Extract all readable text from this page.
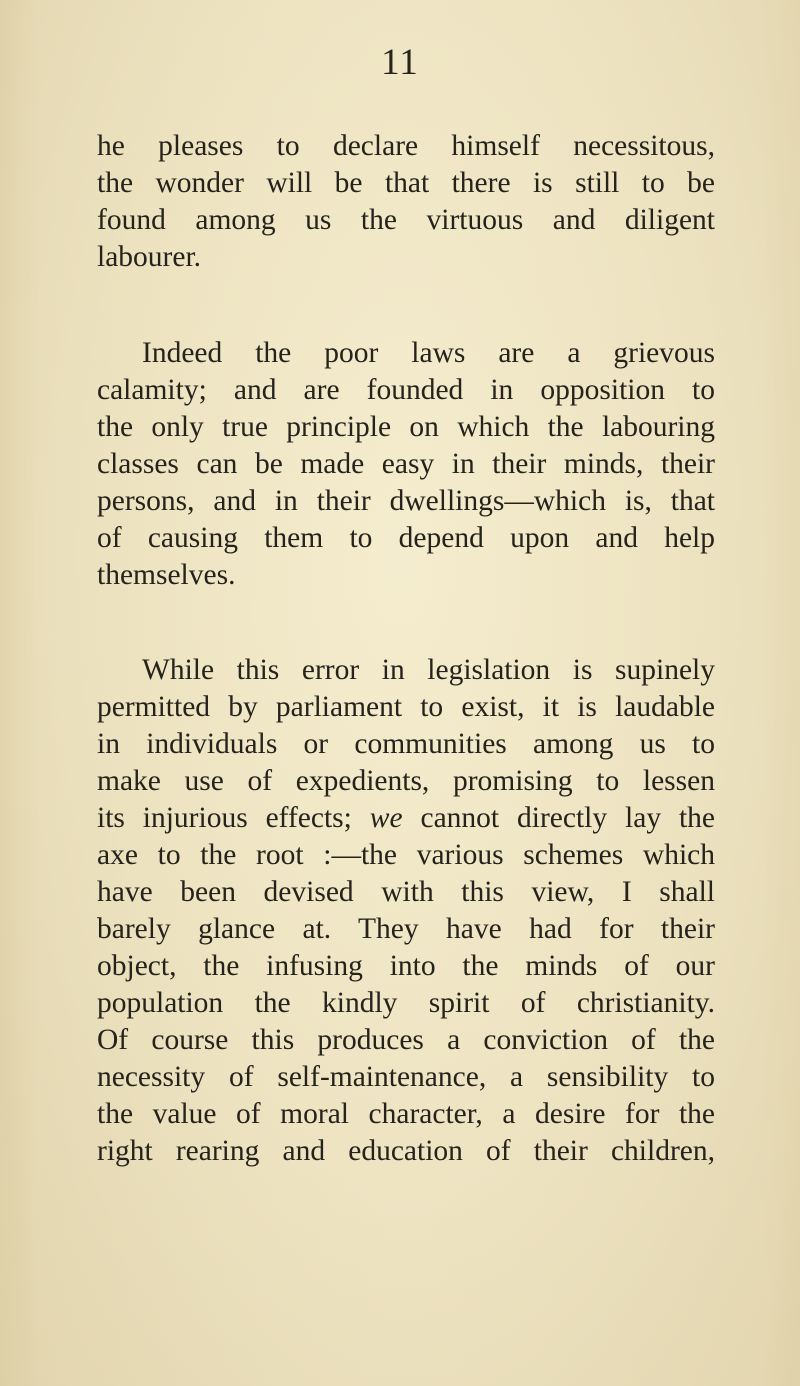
11
he pleases to declare himself necessitous,
the wonder will be that there is still to be
found among us the virtuous and diligent
labourer.
Indeed the poor laws are a grievous
calamity; and are founded in opposition to
the only true principle on which the labouring
classes can be made easy in their minds, their
persons, and in their dwellings—which is, that
of causing them to depend upon and help
themselves.
While this error in legislation is supinely
permitted by parliament to exist, it is laudable
in individuals or communities among us to
make use of expedients, promising to lessen
its injurious effects; we cannot directly lay the
axe to the root :—the various schemes which
have been devised with this view, I shall
barely glance at. They have had for their
object, the infusing into the minds of our
population the kindly spirit of christianity.
Of course this produces a conviction of the
necessity of self-maintenance, a sensibility to
the value of moral character, a desire for the
right rearing and education of their children,
